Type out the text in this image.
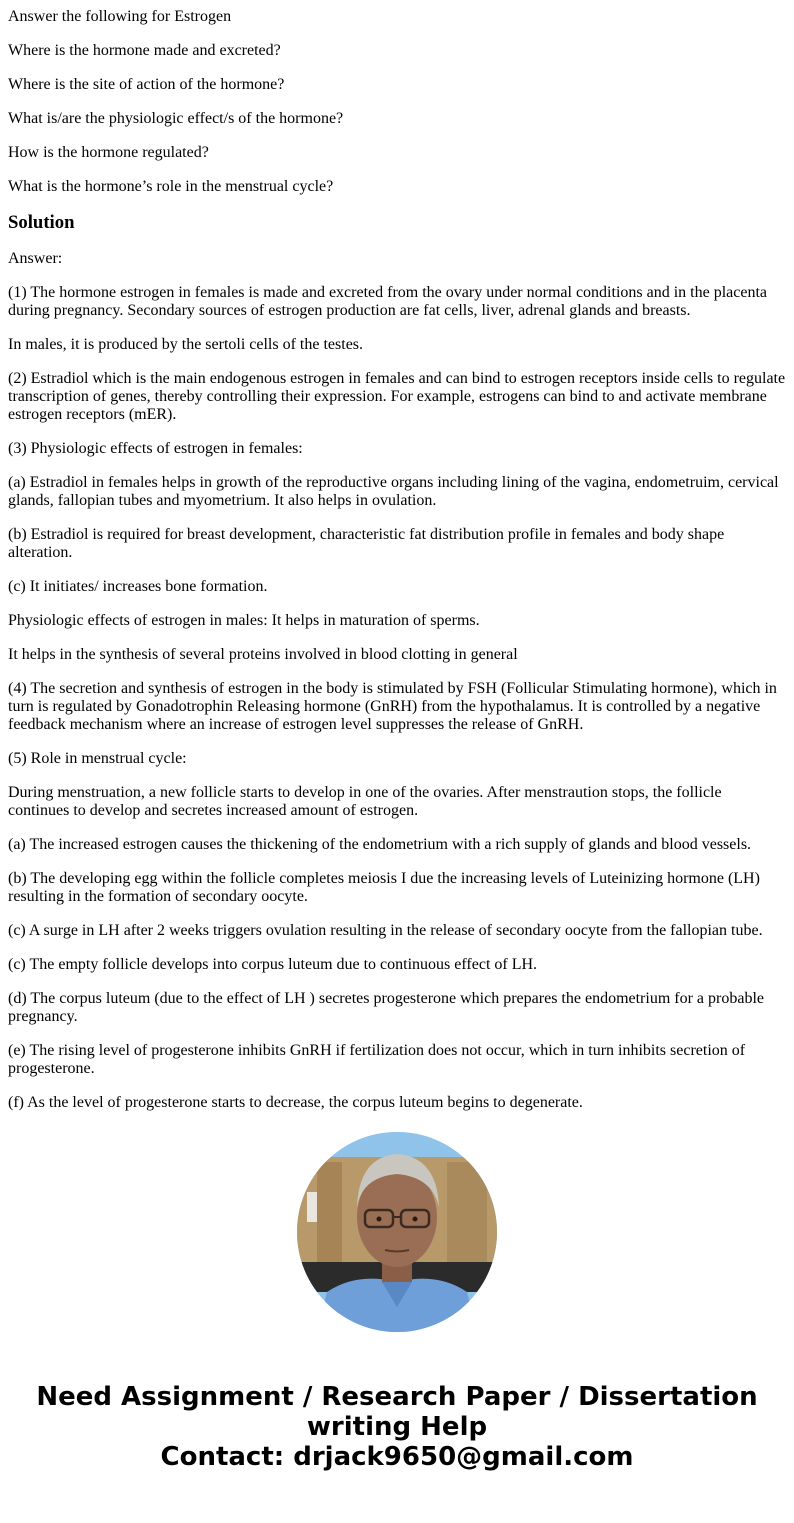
Answer the following for Estrogen

Where is the hormone made and excreted?

Where is the site of action of the hormone?

What is/are the physiologic effect/s of the hormone?

How is the hormone regulated?

What is the hormone’s role in the menstrual cycle?

Solution

Answer:

(1) The hormone estrogen in females is made and excreted from the ovary under normal conditions and in the placenta during pregnancy. Secondary sources of estrogen production are fat cells, liver, adrenal glands and breasts.

In males, it is produced by the sertoli cells of the testes.

(2) Estradiol which is the main endogenous estrogen in females and can bind to estrogen receptors inside cells to regulate transcription of genes, thereby controlling their expression. For example, estrogens can bind to and activate membrane estrogen receptors (mER).

(3) Physiologic effects of estrogen in females:

(a) Estradiol in females helps in growth of the reproductive organs including lining of the vagina, endometruim, cervical glands, fallopian tubes and myometrium. It also helps in ovulation.

(b) Estradiol is required for breast development, characteristic fat distribution profile in females and body shape alteration.

(c) It initiates/ increases bone formation.

Physiologic effects of estrogen in males: It helps in maturation of sperms.

It helps in the synthesis of several proteins involved in blood clotting in general

(4) The secretion and synthesis of estrogen in the body is stimulated by FSH (Follicular Stimulating hormone), which in turn is regulated by Gonadotrophin Releasing hormone (GnRH) from the hypothalamus. It is controlled by a negative feedback mechanism where an increase of estrogen level suppresses the release of GnRH.

(5) Role in menstrual cycle:

During menstruation, a new follicle starts to develop in one of the ovaries. After menstraution stops, the follicle continues to develop and secretes increased amount of estrogen.

(a) The increased estrogen causes the thickening of the endometrium with a rich supply of glands and blood vessels.

(b) The developing egg within the follicle completes meiosis I due the increasing levels of Luteinizing hormone (LH) resulting in the formation of secondary oocyte.

(c) A surge in LH after 2 weeks triggers ovulation resulting in the release of secondary oocyte from the fallopian tube.

(c) The empty follicle develops into corpus luteum due to continuous effect of LH.

(d) The corpus luteum (due to the effect of LH ) secretes progesterone which prepares the endometrium for a probable pregnancy.

(e) The rising level of progesterone inhibits GnRH if fertilization does not occur, which in turn inhibits secretion of progesterone.

(f) As the level of progesterone starts to decrease, the corpus luteum begins to degenerate.

Need Assignment / Research Paper / Dissertation
writing Help
Contact: drjack9650@gmail.com
